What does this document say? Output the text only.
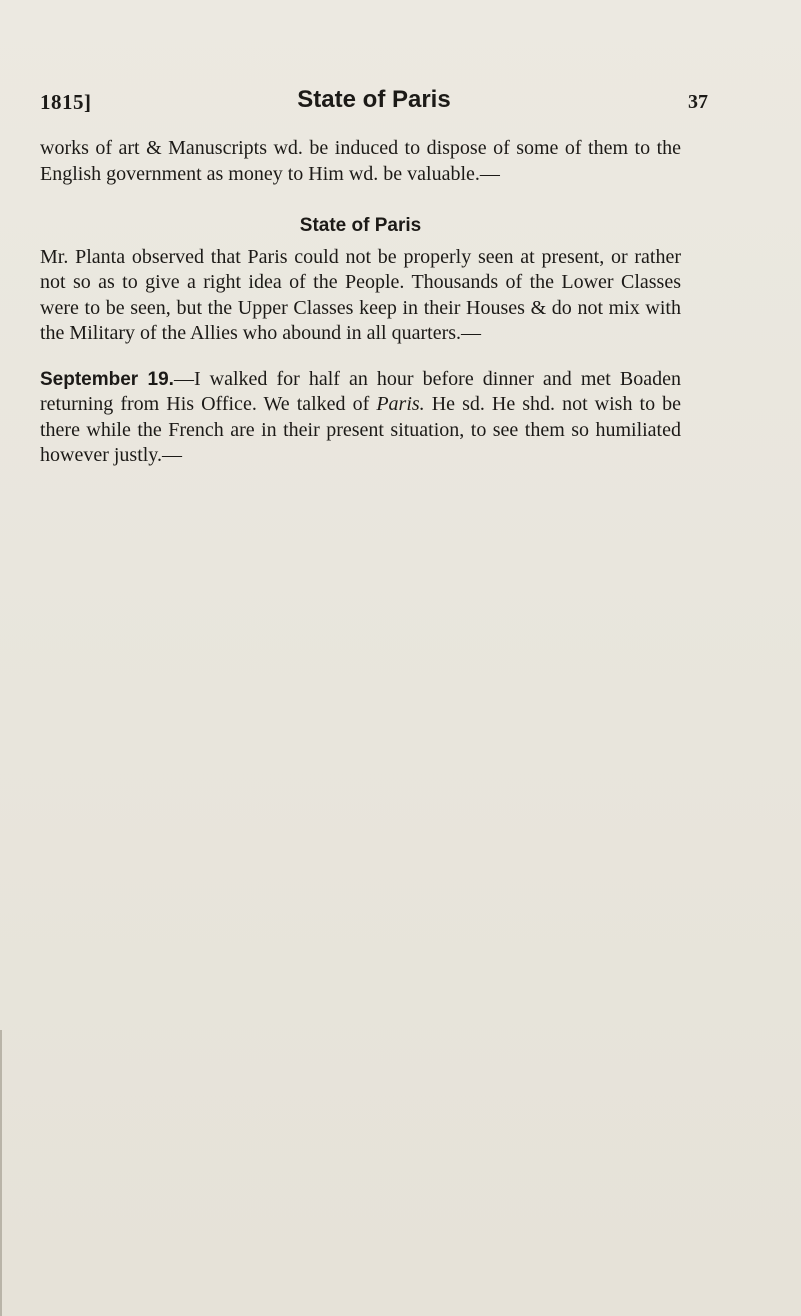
1815]	State of Paris	37

works of art & Manuscripts wd. be induced to dispose of some of them to the English government as money to Him wd. be valuable.—

State of Paris

Mr. Planta observed that Paris could not be properly seen at present, or rather not so as to give a right idea of the People. Thousands of the Lower Classes were to be seen, but the Upper Classes keep in their Houses & do not mix with the Military of the Allies who abound in all quarters.—

September 19.—I walked for half an hour before dinner and met Boaden returning from His Office. We talked of Paris. He sd. He shd. not wish to be there while the French are in their present situation, to see them so humiliated however justly.—
